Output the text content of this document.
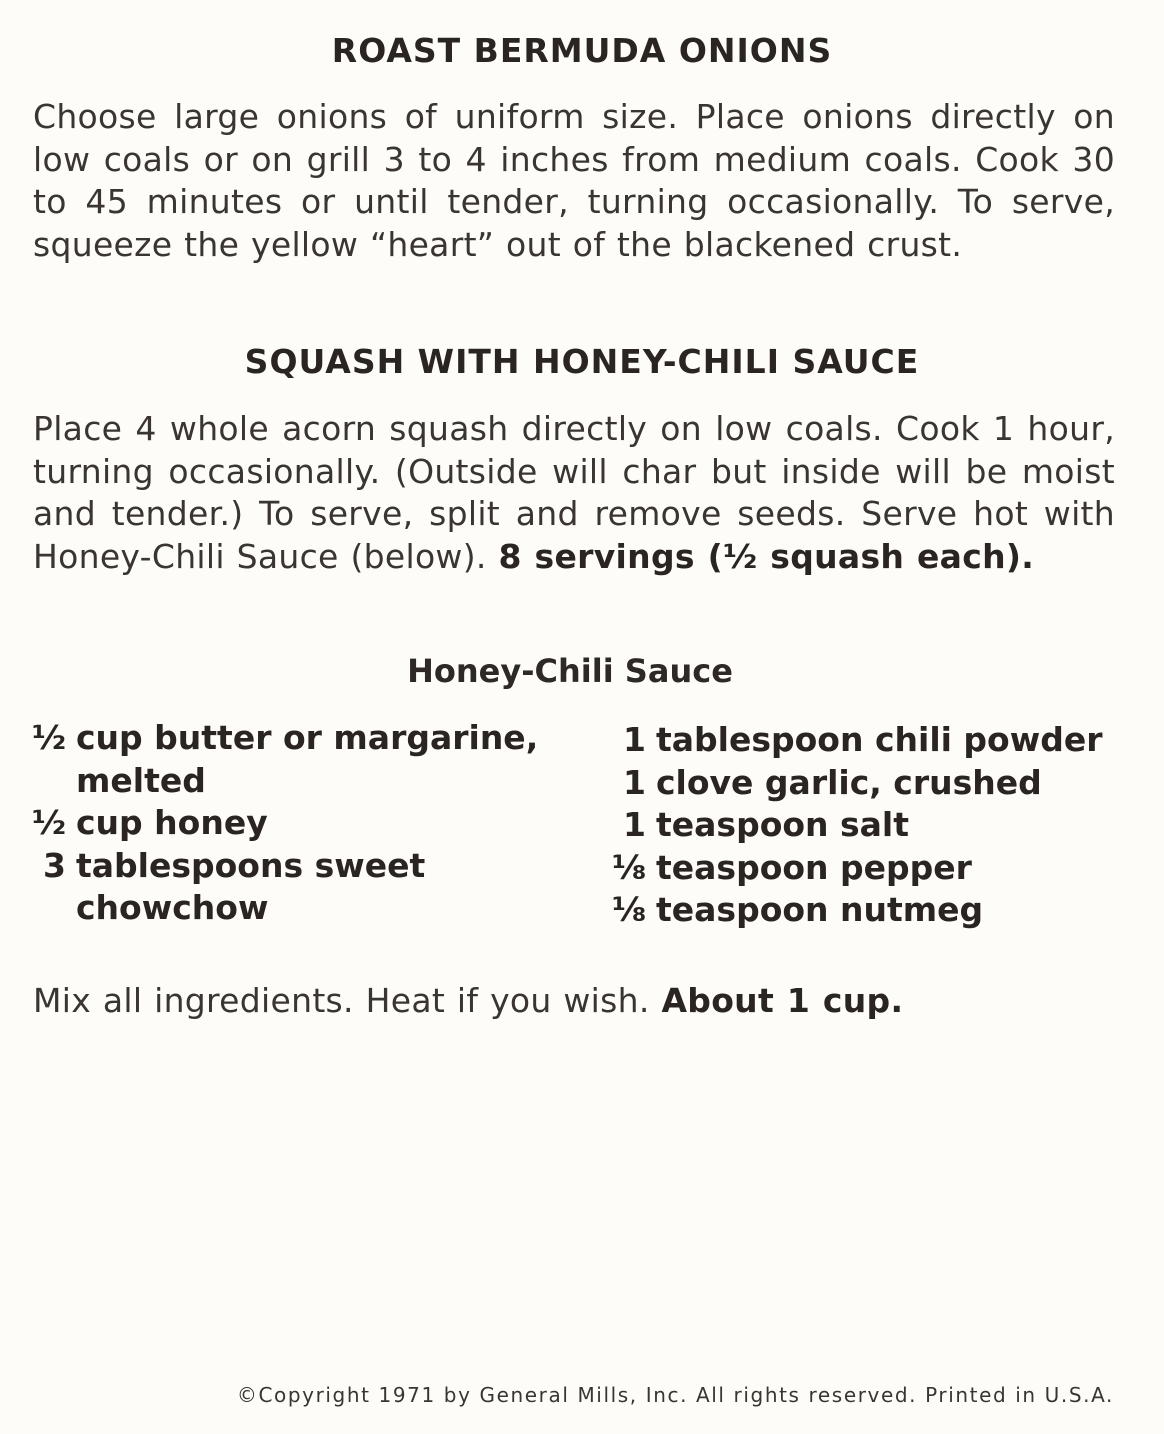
ROAST BERMUDA ONIONS
Choose large onions of uniform size. Place onions directly on low coals or on grill 3 to 4 inches from medium coals. Cook 30 to 45 minutes or until tender, turning occasionally. To serve, squeeze the yellow “heart” out of the blackened crust.
SQUASH WITH HONEY-CHILI SAUCE
Place 4 whole acorn squash directly on low coals. Cook 1 hour, turning occasionally. (Outside will char but inside will be moist and tender.) To serve, split and remove seeds. Serve hot with Honey-Chili Sauce (below). 8 servings (½ squash each).
Honey-Chili Sauce
½ cup butter or margarine,
melted
½ cup honey
3 tablespoons sweet
chowchow
1 tablespoon chili powder
1 clove garlic, crushed
1 teaspoon salt
⅛ teaspoon pepper
⅛ teaspoon nutmeg
Mix all ingredients. Heat if you wish. About 1 cup.
©Copyright 1971 by General Mills, Inc. All rights reserved. Printed in U.S.A.
